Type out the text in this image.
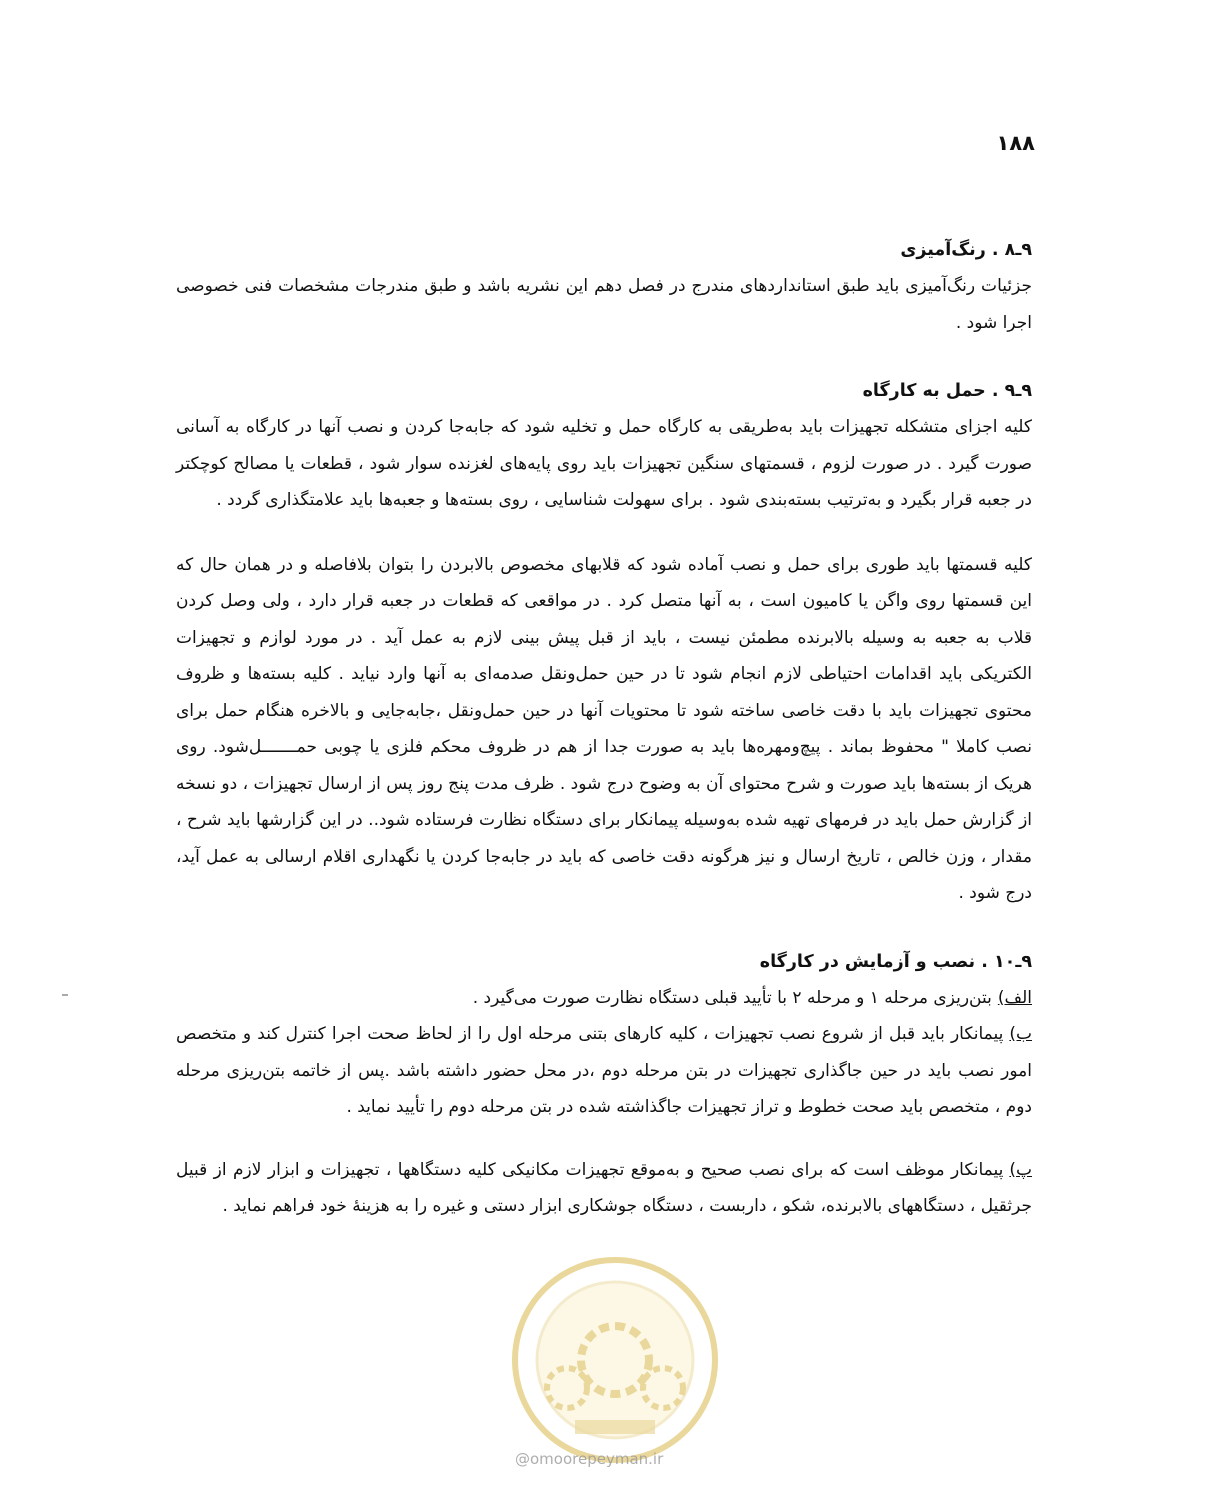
۱۸۸
۹ـ۸ . رنگ‌آمیزی

جزئیات رنگ‌آمیزی باید طبق استانداردهای مندرج در فصل دهم این نشریه باشد و طبق مندرجات مشخصات فنی خصوصی اجرا شود .

۹ـ۹ . حمل به کارگاه

کلیه اجزای متشکله تجهیزات باید به‌طریقی به کارگاه حمل و تخلیه شود که جابه‌جا کردن و نصب آنها در کارگاه به آسانی صورت گیرد . در صورت لزوم ، قسمتهای سنگین تجهیزات باید روی پایه‌های لغزنده سوار شود ، قطعات یا مصالح کوچکتر در جعبه قرار بگیرد و به‌ترتیب بسته‌بندی شود . برای سهولت شناسایی ، روی بسته‌ها و جعبه‌ها باید علامتگذاری گردد .

کلیه قسمتها باید طوری برای حمل و نصب آماده شود که قلابهای مخصوص بالابردن را بتوان بلافاصله و در همان حال که این قسمتها روی واگن یا کامیون است ، به آنها متصل کرد . در مواقعی که قطعات در جعبه قرار دارد ، ولی وصل کردن قلاب به جعبه به وسیله بالابرنده مطمئن نیست ، باید از قبل پیش بینی لازم به عمل آید . در مورد لوازم و تجهیزات الکتریکی باید اقدامات احتیاطی لازم انجام شود تا در حین حمل‌ونقل صدمه‌ای به آنها وارد نیاید . کلیه بسته‌ها و ظروف محتوی تجهیزات باید با دقت خاصی ساخته شود تا محتویات آنها در حین حمل‌ونقل ،جابه‌جایی و بالاخره هنگام حمل برای نصب کاملا " محفوظ بماند . پیچ‌ومهره‌ها باید به صورت جدا از هم در ظروف محکم فلزی یا چوبی حمـــــــل‌شود. روی هریک از بسته‌ها باید صورت و شرح محتوای آن به وضوح درج شود . ظرف مدت پنج روز پس از ارسال تجهیزات ، دو نسخه از گزارش حمل باید در فرمهای تهیه شده به‌وسیله پیمانکار برای دستگاه نظارت فرستاده شود.. در این گزارشها باید شرح ، مقدار ، وزن خالص ، تاریخ ارسال و نیز هرگونه دقت خاصی که باید در جابه‌جا کردن یا نگهداری اقلام ارسالی به عمل آید، درج شود .

۹ـ۱۰ . نصب و آزمایش در کارگاه

الف)بتن‌ریزی مرحله ۱ و مرحله ۲ با تأیید قبلی دستگاه نظارت صورت می‌گیرد .

ب)پیمانکار باید قبل از شروع نصب تجهیزات ، کلیه کارهای بتنی مرحله اول را از لحاظ صحت اجرا کنترل کند و متخصص امور نصب باید در حین جاگذاری تجهیزات در بتن مرحله دوم ،در محل حضور داشته باشد .پس از خاتمه بتن‌ریزی مرحله دوم ، متخصص باید صحت خطوط و تراز تجهیزات جاگذاشته شده در بتن مرحله دوم را تأیید نماید .

پ)پیمانکار موظف است که برای نصب صحیح و به‌موقع تجهیزات مکانیکی کلیه دستگاهها ، تجهیزات و ابزار لازم از قبیل جرثقیل ، دستگاههای بالابرنده، شکو ، داربست ، دستگاه جوشکاری ابزار دستی و غیره را به هزینهٔ خود فراهم نماید .

@omoorepeyman.ir
